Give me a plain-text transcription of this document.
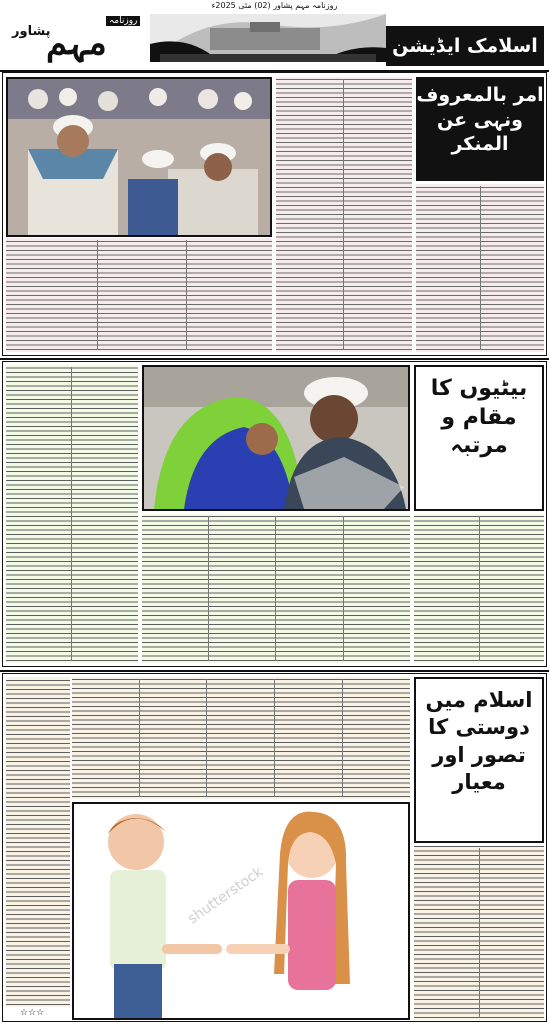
روزنامہ مہم پشاور (02) مئی 2025ء
روزنامہ
مہم
پشاور
اسلامک ایڈیشن
امر بالمعروف
ونہی عن
المنکر
بیٹیوں کا
مقام و
مرتبہ
☆☆☆
shutterstock
اسلام میں
دوستی کا
تصور اور
معیار
